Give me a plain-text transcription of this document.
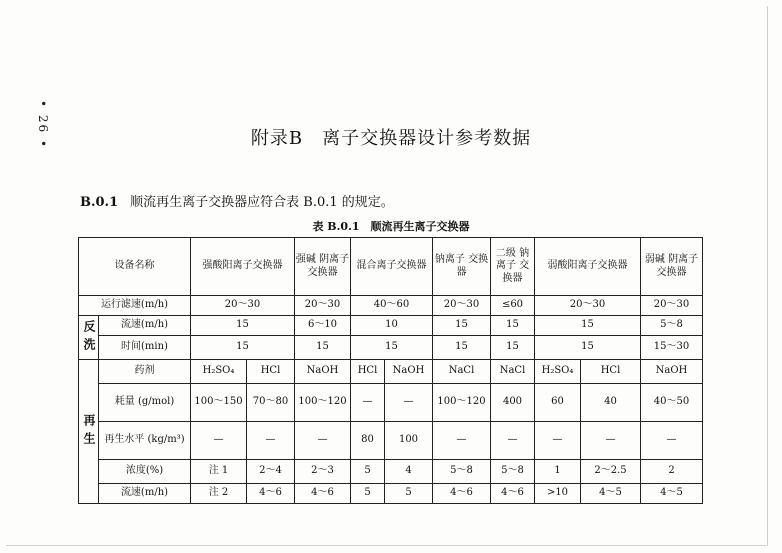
• 26 •	附录B　离子交换器设计参考数据
B.0.1 顺流再生离子交换器应符合表 B.0.1 的规定。
表 B.0.1　顺流再生离子交换器
设备名称		强酸阳离子交换器		强碱 阴离子 交换器	混合离子交换器		钠离子 交换器	二级 钠离子 交换器	弱酸阳离子交换器		弱碱 阴离子 交换器
运行滤速(m/h)		20～30		20～30	40～60		20～30	≤60	20～30		20～30
反洗	流速(m/h)	15		6～10	10		15	15	15		5～8
	时间(min)	15		15	15		15	15	15		15～30
再生	药剂	H₂SO₄	HCl	NaOH	HCl	NaOH	NaCl	NaCl	H₂SO₄	HCl	NaOH
	耗量 (g/mol)	100～150	70～80	100～120	—	—	100～120	400	60	40	40～50
	再生水平 (kg/m³)	—	—	—	80	100	—	—	—	—	—
	浓度(%)	注 1	2～4	2～3	5	4	5～8	5～8	1	2～2.5	2
	流速(m/h)	注 2	4～6	4～6	5	5	4～6	4～6	>10	4～5	4～5
